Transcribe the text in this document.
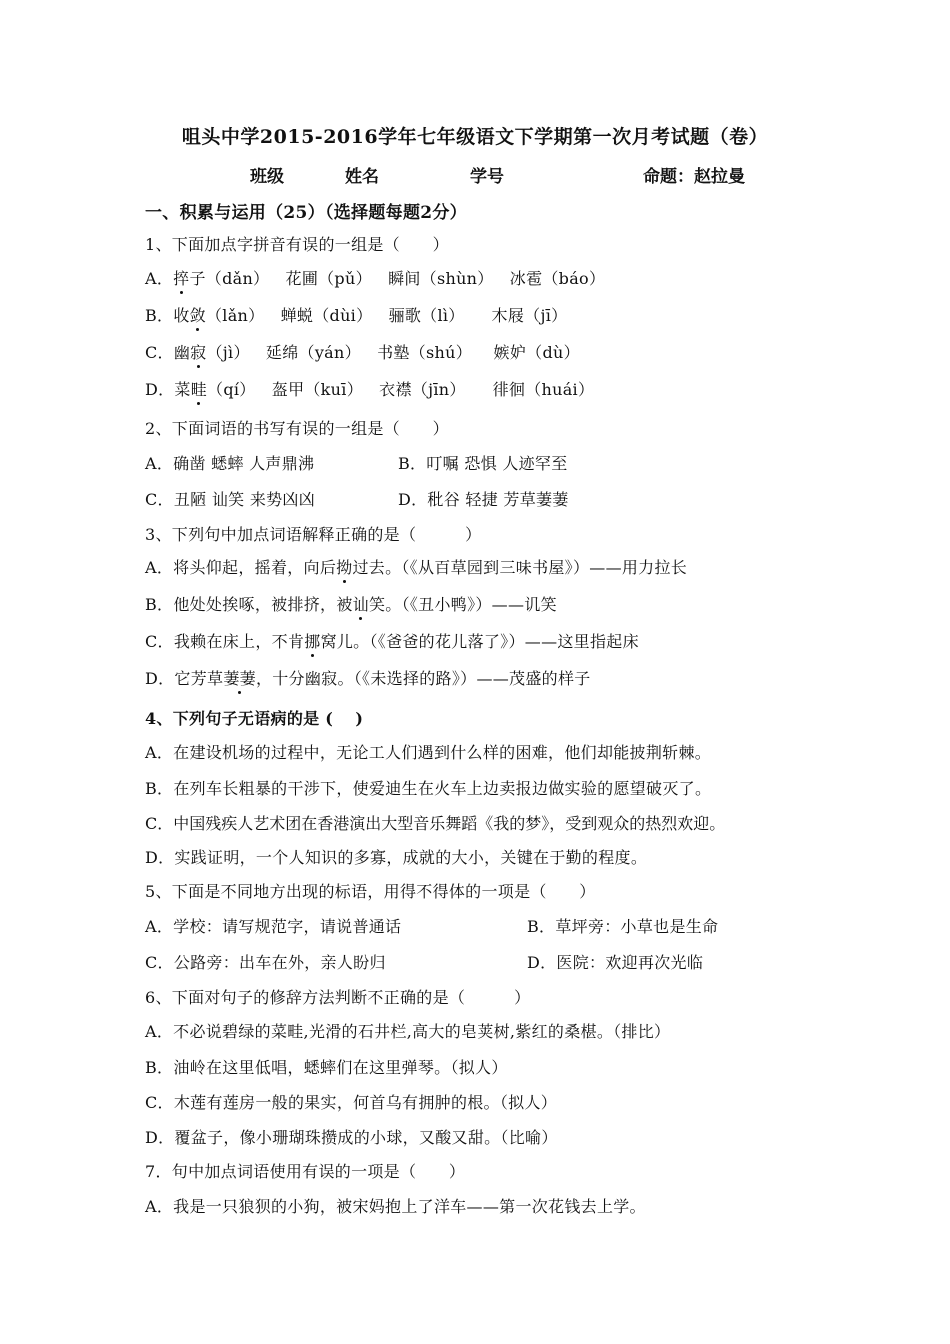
咀头中学2015-2016学年七年级语文下学期第一次月考试题（卷）
班级	姓名	学号	命题：赵拉曼
一、积累与运用（25）（选择题每题2分）
1、下面加点字拼音有误的一组是（　　）
A．捽子（dǎn） 花圃（pǔ） 瞬间（shùn） 冰雹（báo）
B．收敛（lǎn） 蝉蜕（dùi） 骊歌（lì） 木屐（jī）
C．幽寂（jì） 延绵（yán） 书塾（shú） 嫉妒（dù）
D．菜畦（qí） 盔甲（kuī） 衣襟（jīn） 徘徊（huái）
2、下面词语的书写有误的一组是（　　）
A．确凿 蟋蟀 人声鼎沸	B．叮嘱 恐惧 人迹罕至
C．丑陋 讪笑 来势凶凶	D．秕谷 轻捷 芳草萋萋
3、下列句中加点词语解释正确的是（　　　）
A．将头仰起，摇着，向后拗过去。（《从百草园到三味书屋》）——用力拉长
B．他处处挨啄，被排挤，被讪笑。（《丑小鸭》）——讥笑
C．我赖在床上，不肯挪窝儿。（《爸爸的花儿落了》）——这里指起床
D．它芳草萋萋，十分幽寂。（《未选择的路》）——茂盛的样子
4、下列句子无语病的是 (　 )
A．在建设机场的过程中，无论工人们遇到什么样的困难，他们却能披荆斩棘。
B．在列车长粗暴的干涉下，使爱迪生在火车上边卖报边做实验的愿望破灭了。
C．中国残疾人艺术团在香港演出大型音乐舞蹈《我的梦》，受到观众的热烈欢迎。
D．实践证明，一个人知识的多寡，成就的大小，关键在于勤的程度。
5、下面是不同地方出现的标语，用得不得体的一项是（　　）
A．学校：请写规范字，请说普通话	B．草坪旁：小草也是生命
C．公路旁：出车在外，亲人盼归	D．医院：欢迎再次光临
6、下面对句子的修辞方法判断不正确的是（　　　）
A．不必说碧绿的菜畦,光滑的石井栏,高大的皂荚树,紫红的桑椹。（排比）
B．油岭在这里低唱，蟋蟀们在这里弹琴。（拟人）
C．木莲有莲房一般的果实，何首乌有拥肿的根。（拟人）
D．覆盆子，像小珊瑚珠攒成的小球，又酸又甜。（比喻）
7．句中加点词语使用有误的一项是（　　）
A．我是一只狼狈的小狗，被宋妈抱上了洋车——第一次花钱去上学。
